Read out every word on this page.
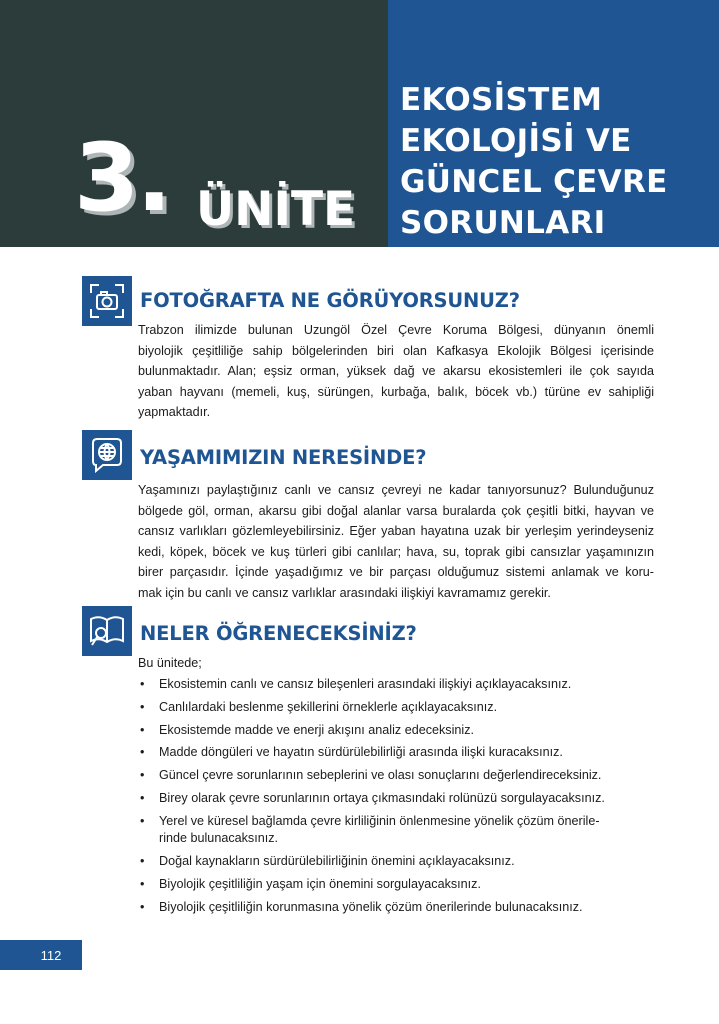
3. ÜNİTE
EKOSİSTEM
EKOLOJİSİ VE
GÜNCEL ÇEVRE
SORUNLARI
FOTOĞRAFTA NE GÖRÜYORSUNUZ?
Trabzon ilimizde bulunan Uzungöl Özel Çevre Koruma Bölgesi, dünyanın önemli
biyolojik çeşitliliğe sahip bölgelerinden biri olan Kafkasya Ekolojik Bölgesi içerisinde
bulunmaktadır. Alan; eşsiz orman, yüksek dağ ve akarsu ekosistemleri ile çok sayıda
yaban hayvanı (memeli, kuş, sürüngen, kurbağa, balık, böcek vb.) türüne ev sahipliği
yapmaktadır.
YAŞAMIMIZIN NERESİNDE?
Yaşamınızı paylaştığınız canlı ve cansız çevreyi ne kadar tanıyorsunuz? Bulunduğunuz
bölgede göl, orman, akarsu gibi doğal alanlar varsa buralarda çok çeşitli bitki, hayvan ve
cansız varlıkları gözlemleyebilirsiniz. Eğer yaban hayatına uzak bir yerleşim yerindeyseniz
kedi, köpek, böcek ve kuş türleri gibi canlılar; hava, su, toprak gibi cansızlar yaşamınızın
birer parçasıdır. İçinde yaşadığımız ve bir parçası olduğumuz sistemi anlamak ve koru-
mak için bu canlı ve cansız varlıklar arasındaki ilişkiyi kavramamız gerekir.
NELER ÖĞRENECEKSİNİZ?
Bu ünitede;
• Ekosistemin canlı ve cansız bileşenleri arasındaki ilişkiyi açıklayacaksınız.
• Canlılardaki beslenme şekillerini örneklerle açıklayacaksınız.
• Ekosistemde madde ve enerji akışını analiz edeceksiniz.
• Madde döngüleri ve hayatın sürdürülebilirliği arasında ilişki kuracaksınız.
• Güncel çevre sorunlarının sebeplerini ve olası sonuçlarını değerlendireceksiniz.
• Birey olarak çevre sorunlarının ortaya çıkmasındaki rolünüzü sorgulayacaksınız.
• Yerel ve küresel bağlamda çevre kirliliğinin önlenmesine yönelik çözüm önerile-
rinde bulunacaksınız.
• Doğal kaynakların sürdürülebilirliğinin önemini açıklayacaksınız.
• Biyolojik çeşitliliğin yaşam için önemini sorgulayacaksınız.
• Biyolojik çeşitliliğin korunmasına yönelik çözüm önerilerinde bulunacaksınız.
112
